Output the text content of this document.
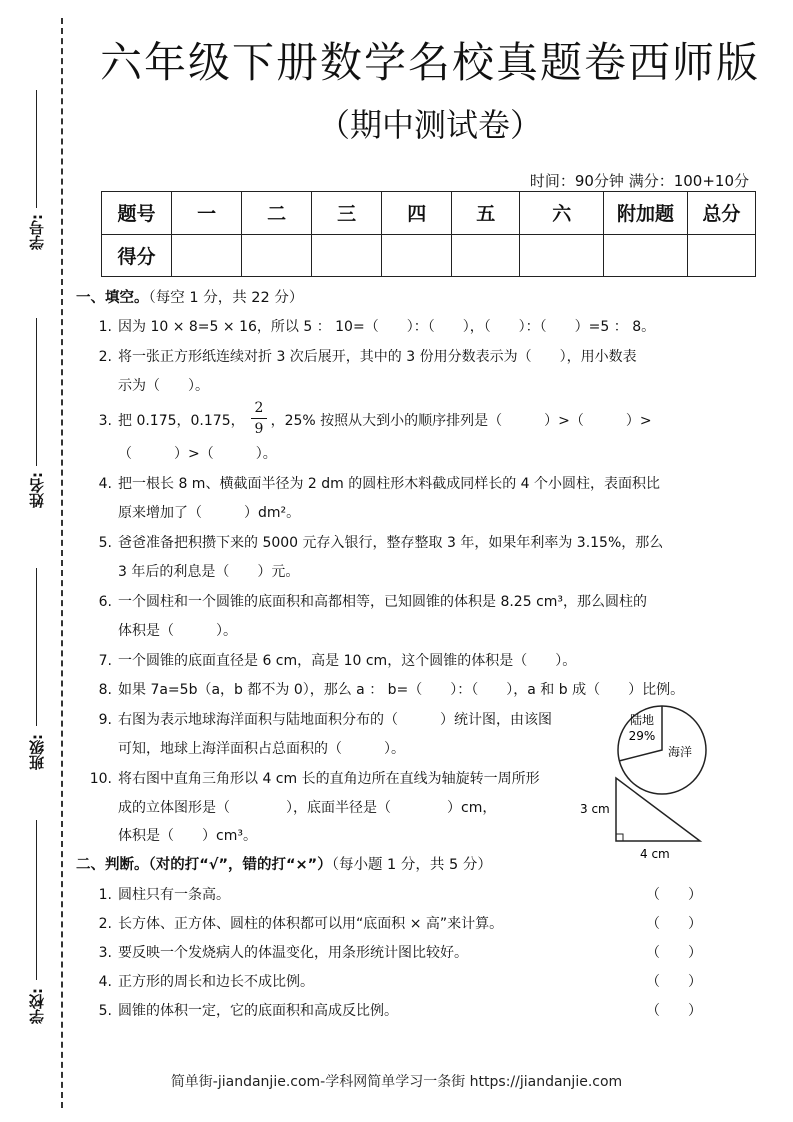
学号:
姓名:
班级:
学校:
六年级下册数学名校真题卷西师版
（期中测试卷）
时间：90分钟 满分：100+10分
题号	一	二	三	四	五	六	附加题	总分
得分								
一、填空。（每空 1 分，共 22 分）
1. 因为 10 × 8=5 × 16，所以 5 ： 10=（　　）：（　　），（　　）：（　　）=5 ： 8。
2. 将一张正方形纸连续对折 3 次后展开，其中的 3 份用分数表示为（　　），用小数表
示为（　　）。
3. 把 0.1̇7̇5，0.175， ，25% 按照从大到小的顺序排列是（　　　）>（　　　）>
2
9
（　　　）>（　　　）。
4. 把一根长 8 m、横截面半径为 2 dm 的圆柱形木料截成同样长的 4 个小圆柱，表面积比
原来增加了（　　　）dm²。
5. 爸爸准备把积攒下来的 5000 元存入银行，整存整取 3 年，如果年利率为 3.15%，那么
3 年后的利息是（　　）元。
6. 一个圆柱和一个圆锥的底面积和高都相等，已知圆锥的体积是 8.25 cm³，那么圆柱的
体积是（　　　）。
7. 一个圆锥的底面直径是 6 cm，高是 10 cm，这个圆锥的体积是（　　）。
8. 如果 7a=5b（a，b 都不为 0），那么 a ： b=（　　）：（　　），a 和 b 成（　　）比例。
9. 右图为表示地球海洋面积与陆地面积分布的（　　　）统计图，由该图
可知，地球上海洋面积占总面积的（　　　）。
10. 将右图中直角三角形以 4 cm 长的直角边所在直线为轴旋转一周所形
成的立体图形是（　　　　），底面半径是（　　　　）cm，
体积是（　　）cm³。
陆地
29%
海洋
3 cm
4 cm
二、判断。（对的打“√”，错的打“×”）（每小题 1 分，共 5 分）
1. 圆柱只有一条高。	（　　）
2. 长方体、正方体、圆柱的体积都可以用“底面积 × 高”来计算。	（　　）
3. 要反映一个发烧病人的体温变化，用条形统计图比较好。	（　　）
4. 正方形的周长和边长不成比例。	（　　）
5. 圆锥的体积一定，它的底面积和高成反比例。	（　　）
简单街-jiandanjie.com-学科网简单学习一条街 https://jiandanjie.com
